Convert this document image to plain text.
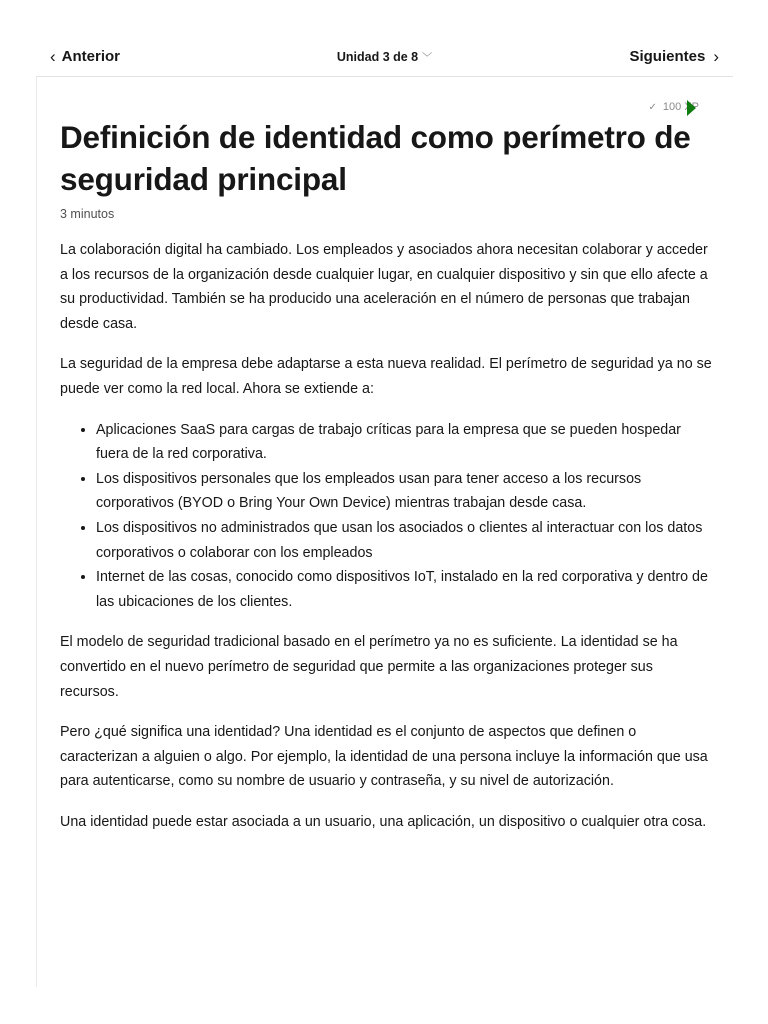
‹ Anterior	Unidad 3 de 8 ﹀	Siguientes ›
✓ 100 XP
Definición de identidad como perímetro de seguridad principal
3 minutos

La colaboración digital ha cambiado. Los empleados y asociados ahora necesitan colaborar y acceder a los recursos de la organización desde cualquier lugar, en cualquier dispositivo y sin que ello afecte a su productividad. También se ha producido una aceleración en el número de personas que trabajan desde casa.

La seguridad de la empresa debe adaptarse a esta nueva realidad. El perímetro de seguridad ya no se puede ver como la red local. Ahora se extiende a:

• Aplicaciones SaaS para cargas de trabajo críticas para la empresa que se pueden hospedar fuera de la red corporativa.
• Los dispositivos personales que los empleados usan para tener acceso a los recursos corporativos (BYOD o Bring Your Own Device) mientras trabajan desde casa.
• Los dispositivos no administrados que usan los asociados o clientes al interactuar con los datos corporativos o colaborar con los empleados
• Internet de las cosas, conocido como dispositivos IoT, instalado en la red corporativa y dentro de las ubicaciones de los clientes.

El modelo de seguridad tradicional basado en el perímetro ya no es suficiente. La identidad se ha convertido en el nuevo perímetro de seguridad que permite a las organizaciones proteger sus recursos.

Pero ¿qué significa una identidad? Una identidad es el conjunto de aspectos que definen o caracterizan a alguien o algo. Por ejemplo, la identidad de una persona incluye la información que usa para autenticarse, como su nombre de usuario y contraseña, y su nivel de autorización.

Una identidad puede estar asociada a un usuario, una aplicación, un dispositivo o cualquier otra cosa.
